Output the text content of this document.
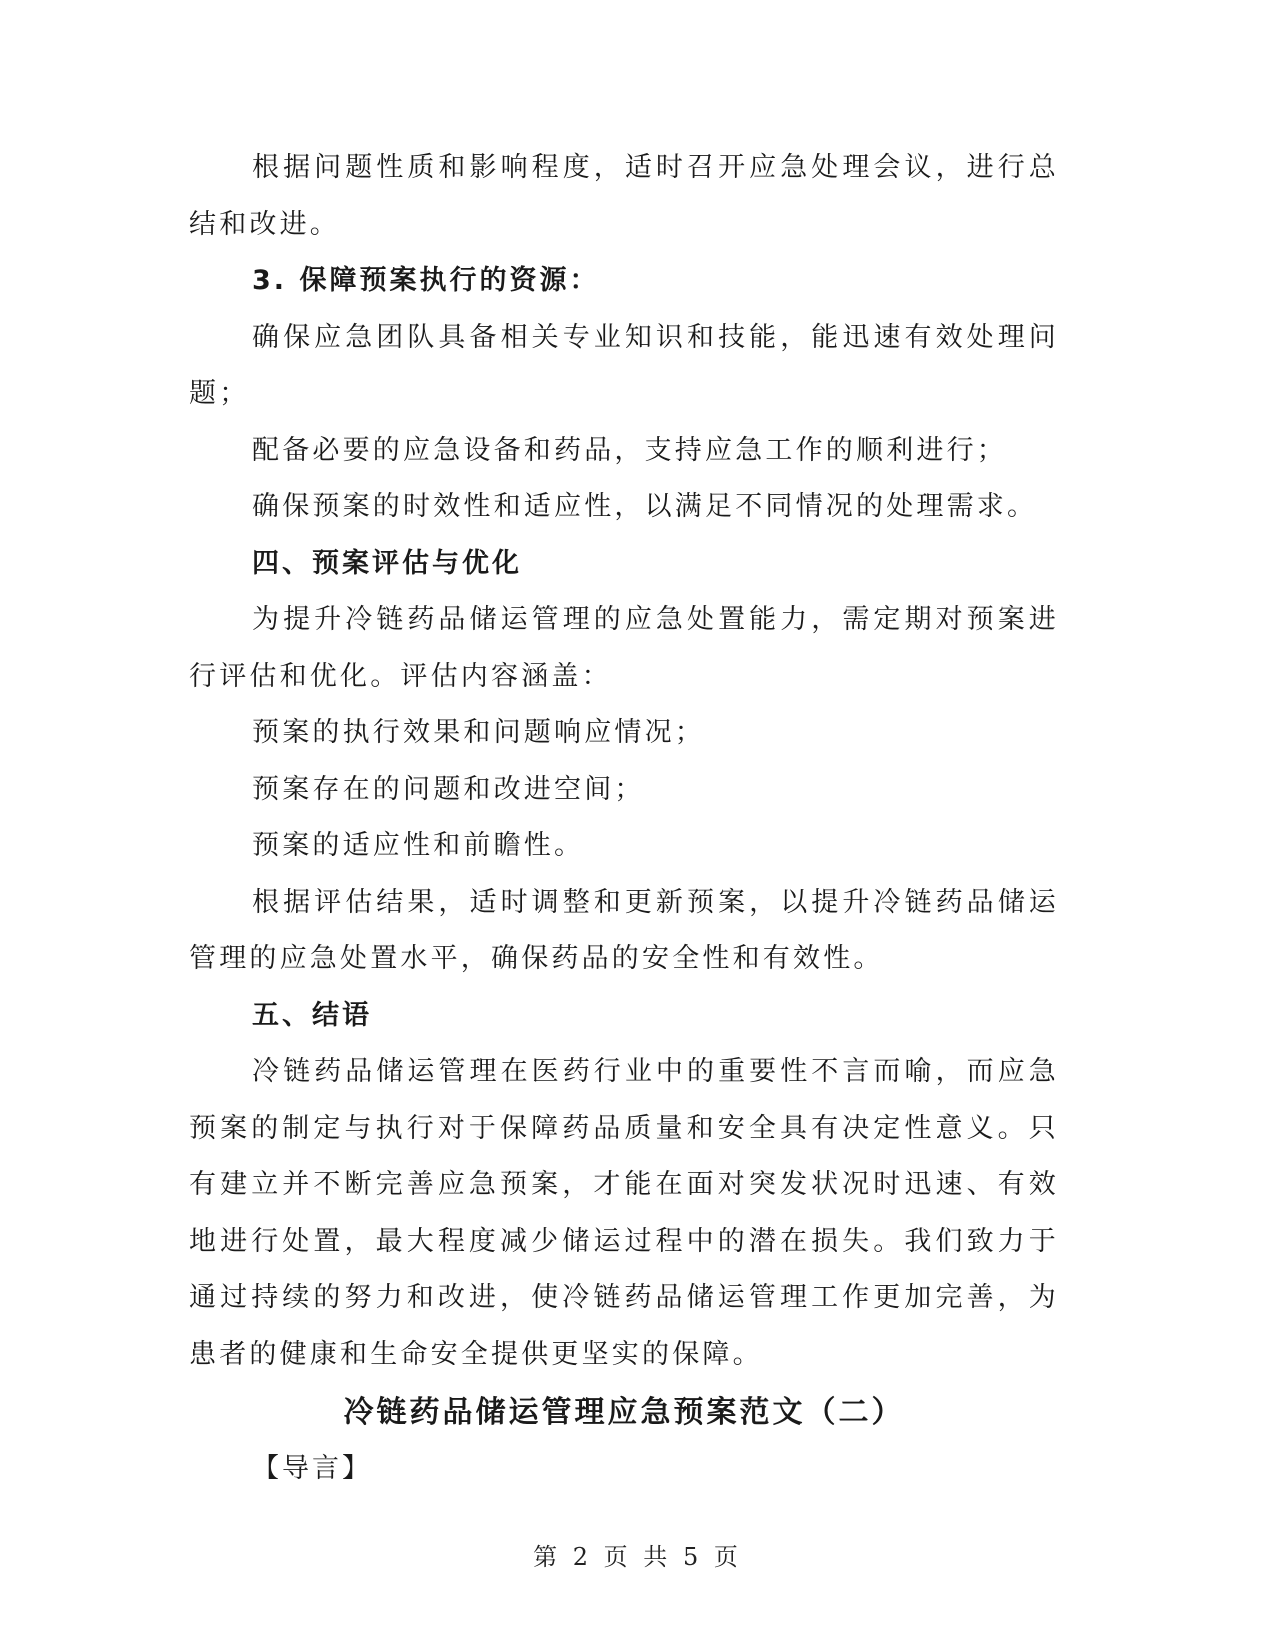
根据问题性质和影响程度，适时召开应急处理会议，进行总结和改进。

3. 保障预案执行的资源：

确保应急团队具备相关专业知识和技能，能迅速有效处理问题；

配备必要的应急设备和药品，支持应急工作的顺利进行；

确保预案的时效性和适应性，以满足不同情况的处理需求。

四、预案评估与优化

为提升冷链药品储运管理的应急处置能力，需定期对预案进行评估和优化。评估内容涵盖：

预案的执行效果和问题响应情况；

预案存在的问题和改进空间；

预案的适应性和前瞻性。

根据评估结果，适时调整和更新预案，以提升冷链药品储运管理的应急处置水平，确保药品的安全性和有效性。

五、结语

冷链药品储运管理在医药行业中的重要性不言而喻，而应急预案的制定与执行对于保障药品质量和安全具有决定性意义。只有建立并不断完善应急预案，才能在面对突发状况时迅速、有效地进行处置，最大程度减少储运过程中的潜在损失。我们致力于通过持续的努力和改进，使冷链药品储运管理工作更加完善，为患者的健康和生命安全提供更坚实的保障。

冷链药品储运管理应急预案范文（二）

【导言】

第 2 页 共 5 页
